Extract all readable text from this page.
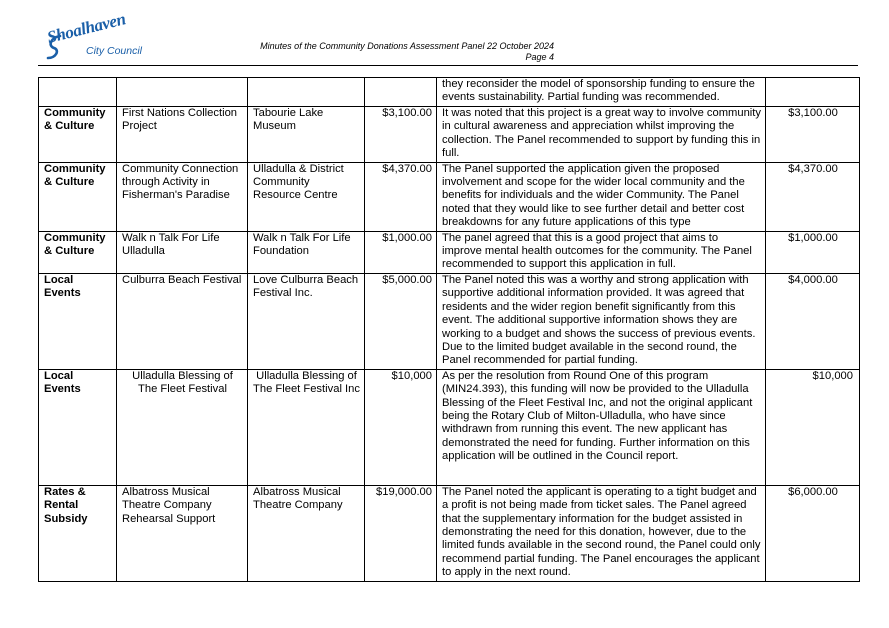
Shoalhaven
City Council	Minutes of the Community Donations Assessment Panel 22 October 2024
Page 4
				they reconsider the model of sponsorship funding to ensure the events sustainability. Partial funding was recommended.	
Community & Culture	First Nations Collection Project	Tabourie Lake Museum	$3,100.00	It was noted that this project is a great way to involve community in cultural awareness and appreciation whilst improving the collection. The Panel recommended to support by funding this in full.	$3,100.00
Community & Culture	Community Connection through Activity in Fisherman's Paradise	Ulladulla & District Community Resource Centre	$4,370.00	The Panel supported the application given the proposed involvement and scope for the wider local community and the benefits for individuals and the wider Community. The Panel noted that they would like to see further detail and better cost breakdowns for any future applications of this type	$4,370.00
Community & Culture	Walk n Talk For Life Ulladulla	Walk n Talk For Life Foundation	$1,000.00	The panel agreed that this is a good project that aims to improve mental health outcomes for the community. The Panel recommended to support this application in full.	$1,000.00
Local Events	Culburra Beach Festival	Love Culburra Beach Festival Inc.	$5,000.00	The Panel noted this was a worthy and strong application with supportive additional information provided. It was agreed that residents and the wider region benefit significantly from this event. The additional supportive information shows they are working to a budget and shows the success of previous events. Due to the limited budget available in the second round, the Panel recommended for partial funding.	$4,000.00
Local Events	Ulladulla Blessing of The Fleet Festival	Ulladulla Blessing of The Fleet Festival Inc	$10,000	As per the resolution from Round One of this program (MIN24.393), this funding will now be provided to the Ulladulla Blessing of the Fleet Festival Inc, and not the original applicant being the Rotary Club of Milton-Ulladulla, who have since withdrawn from running this event. The new applicant has demonstrated the need for funding. Further information on this application will be outlined in the Council report.	$10,000
Rates & Rental Subsidy	Albatross Musical Theatre Company Rehearsal Support	Albatross Musical Theatre Company	$19,000.00	The Panel noted the applicant is operating to a tight budget and a profit is not being made from ticket sales. The Panel agreed that the supplementary information for the budget assisted in demonstrating the need for this donation, however, due to the limited funds available in the second round, the Panel could only recommend partial funding. The Panel encourages the applicant to apply in the next round.	$6,000.00
